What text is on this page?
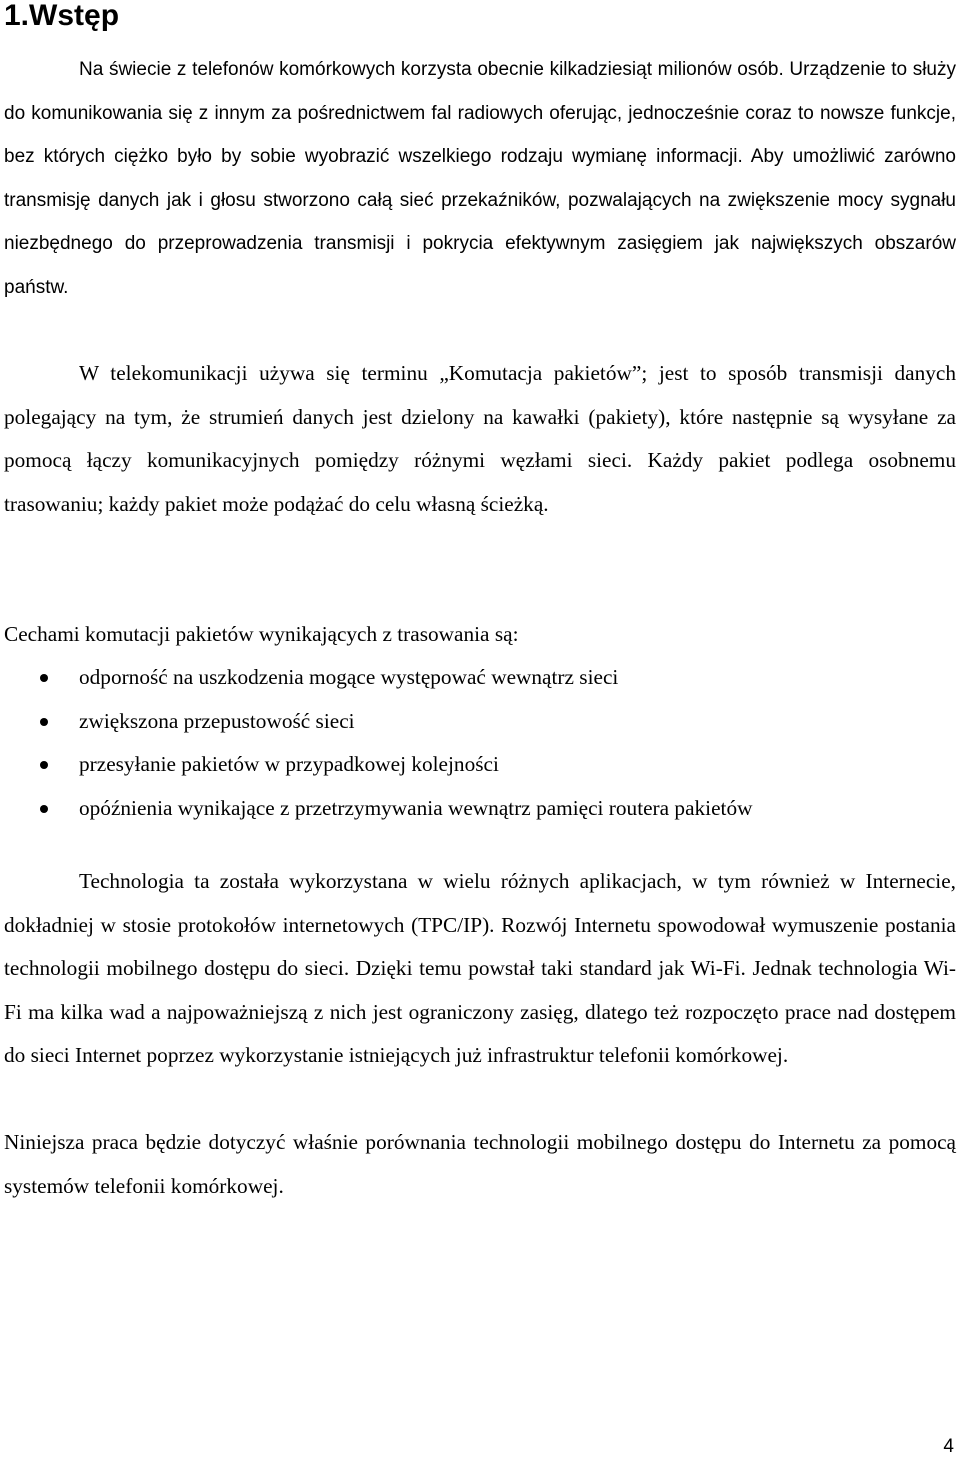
1.Wstęp

Na świecie z telefonów komórkowych korzysta obecnie kilkadziesiąt milionów osób. Urządzenie to służy do komunikowania się z innym za pośrednictwem fal radiowych oferując, jednocześnie coraz to nowsze funkcje, bez których ciężko było by sobie wyobrazić wszelkiego rodzaju wymianę informacji. Aby umożliwić zarówno transmisję danych jak i głosu stworzono całą sieć przekaźników, pozwalających na zwiększenie mocy sygnału niezbędnego do przeprowadzenia transmisji i pokrycia efektywnym zasięgiem jak największych obszarów państw.

W telekomunikacji używa się terminu „Komutacja pakietów”; jest to sposób transmisji danych polegający na tym, że strumień danych jest dzielony na kawałki (pakiety), które następnie są wysyłane za pomocą łączy komunikacyjnych pomiędzy różnymi węzłami sieci. Każdy pakiet podlega osobnemu trasowaniu; każdy pakiet może podążać do celu własną ścieżką.

Cechami komutacji pakietów wynikających z trasowania są:

odporność na uszkodzenia mogące występować wewnątrz sieci
zwiększona przepustowość sieci
przesyłanie pakietów w przypadkowej kolejności
opóźnienia wynikające z przetrzymywania wewnątrz pamięci routera pakietów

Technologia ta została wykorzystana w wielu różnych aplikacjach, w tym również w Internecie, dokładniej w stosie protokołów internetowych (TPC/IP). Rozwój Internetu spowodował wymuszenie postania technologii mobilnego dostępu do sieci. Dzięki temu powstał taki standard jak Wi-Fi. Jednak technologia Wi-Fi ma kilka wad a najpoważniejszą z nich jest ograniczony zasięg, dlatego też rozpoczęto prace nad dostępem do sieci Internet poprzez wykorzystanie istniejących już infrastruktur telefonii komórkowej.

Niniejsza praca będzie dotyczyć właśnie porównania technologii mobilnego dostępu do Internetu za pomocą systemów telefonii komórkowej.

4
